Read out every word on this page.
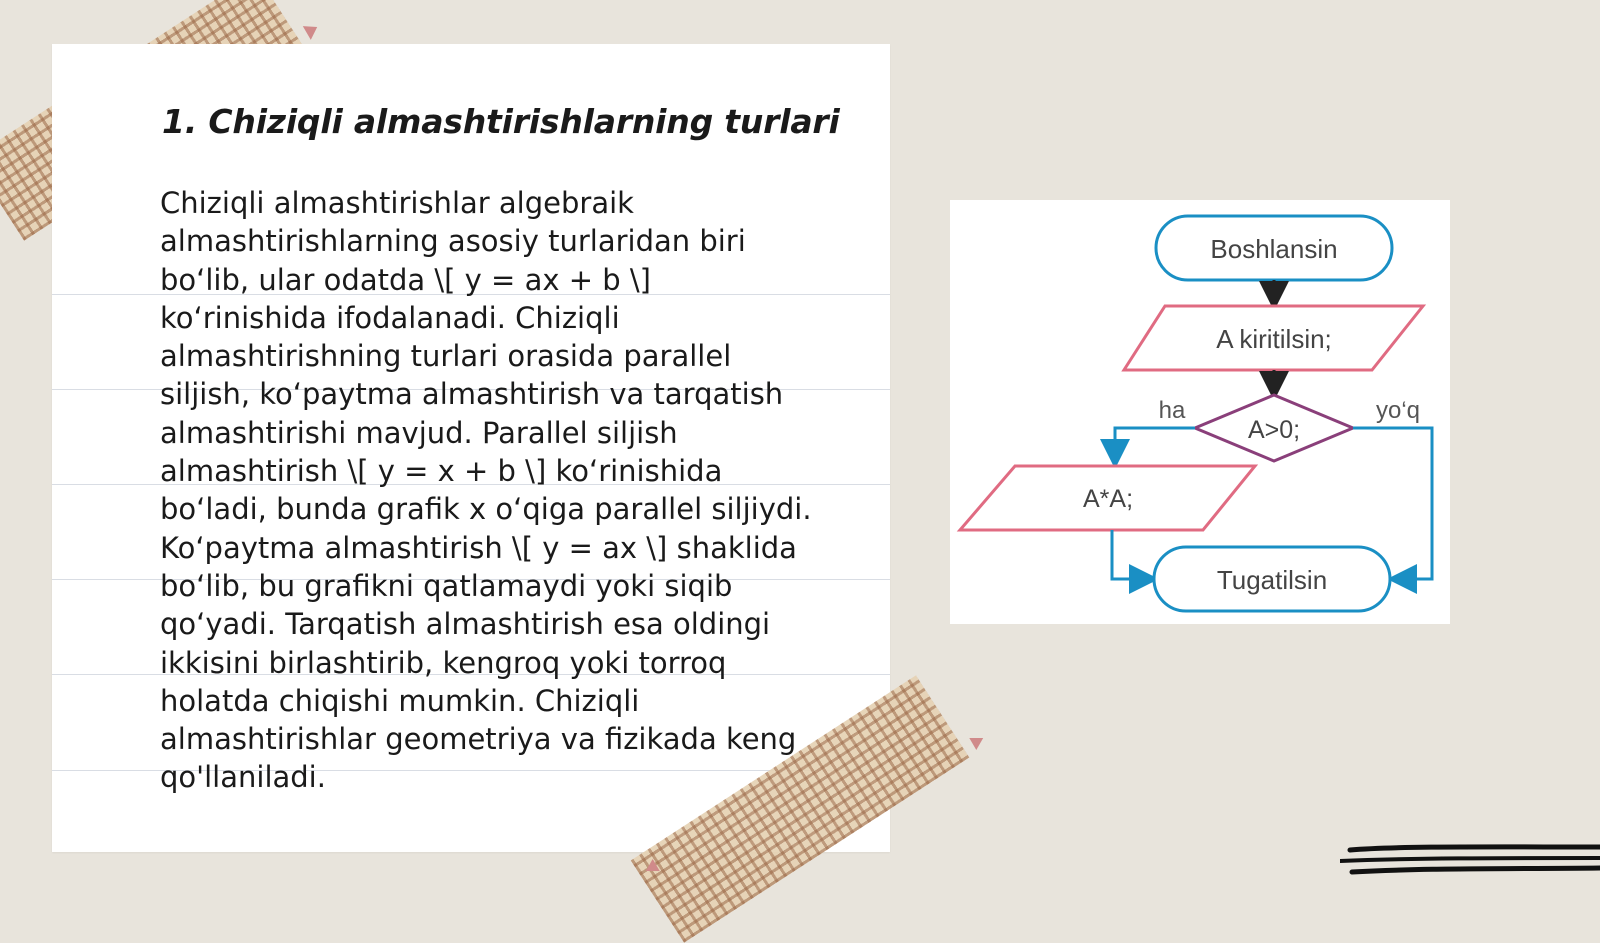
1. Chiziqli almashtirishlarning turlari

Chiziqli almashtirishlar algebraik almashtirishlarning asosiy turlaridan biri bo‘lib, ular odatda \[ y = ax + b \] ko‘rinishida ifodalanadi. Chiziqli almashtirishning turlari orasida parallel siljish, ko‘paytma almashtirish va tarqatish almashtirishi mavjud. Parallel siljish almashtirish \[ y = x + b \] ko‘rinishida bo‘ladi, bunda grafik x o‘qiga parallel siljiydi. Ko‘paytma almashtirish \[ y = ax \] shaklida bo‘lib, bu grafikni qatlamaydi yoki siqib qo‘yadi. Tarqatish almashtirish esa oldingi ikkisini birlashtirib, kengroq yoki torroq holatda chiqishi mumkin. Chiziqli almashtirishlar geometriya va fizikada keng qo'llaniladi.

Boshlansin
A kiritilsin;
A>0;
ha	yo‘q
A*A;
Tugatilsin
